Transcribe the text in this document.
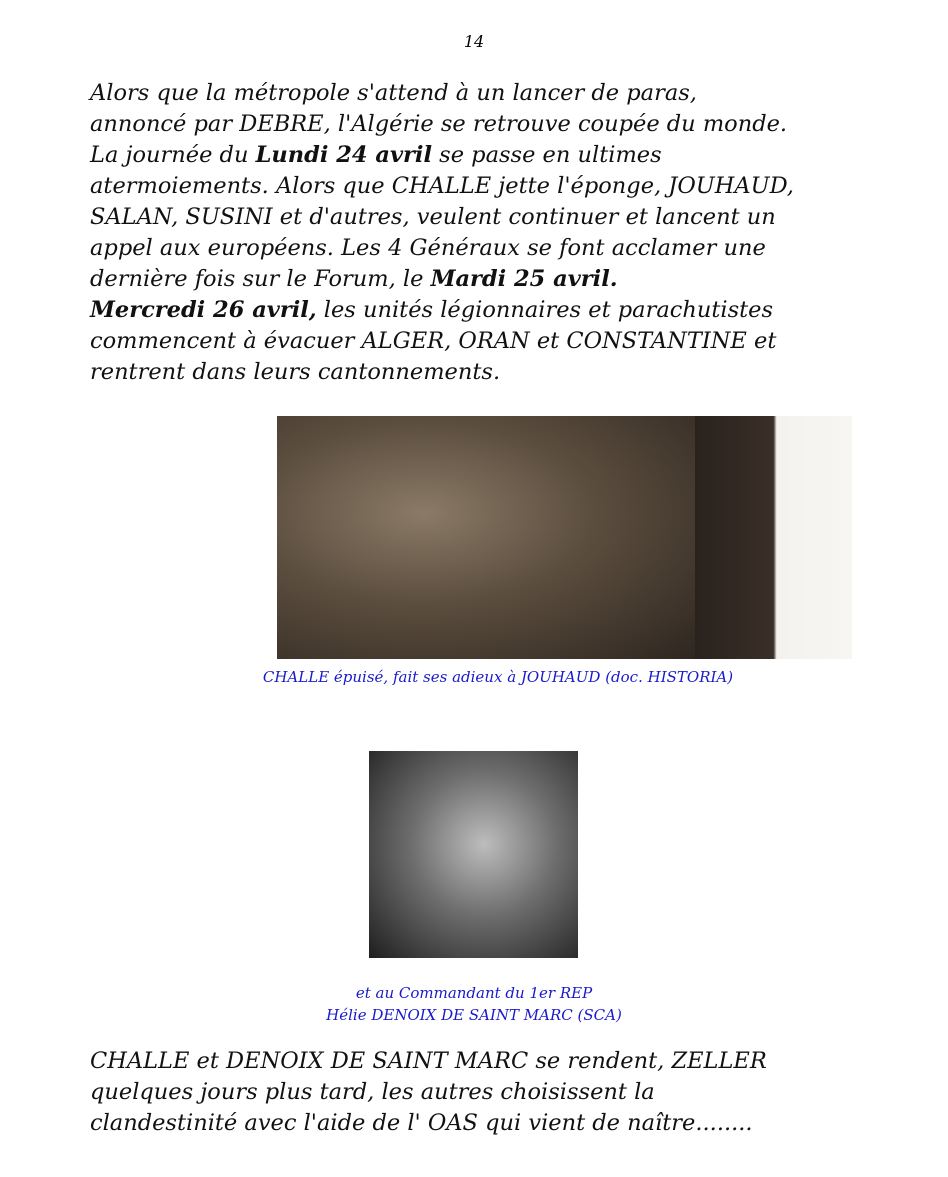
14
Alors que la métropole s'attend à un lancer de paras,
annoncé par DEBRE, l'Algérie se retrouve coupée du monde.
La journée du Lundi 24 avril se passe en ultimes
atermoiements. Alors que CHALLE jette l'éponge, JOUHAUD,
SALAN, SUSINI et d'autres, veulent continuer et lancent un
appel aux européens. Les 4 Généraux se font acclamer une
dernière fois sur le Forum, le Mardi 25 avril.
Mercredi 26 avril, les unités légionnaires et parachutistes
commencent à évacuer ALGER, ORAN et CONSTANTINE et
rentrent dans leurs cantonnements.
CHALLE épuisé, fait ses adieux à JOUHAUD (doc. HISTORIA)
et au Commandant du 1er REP
Hélie DENOIX DE SAINT MARC (SCA)
CHALLE et DENOIX DE SAINT MARC se rendent, ZELLER
quelques jours plus tard, les autres choisissent la
clandestinité avec l'aide de l' OAS qui vient de naître........
